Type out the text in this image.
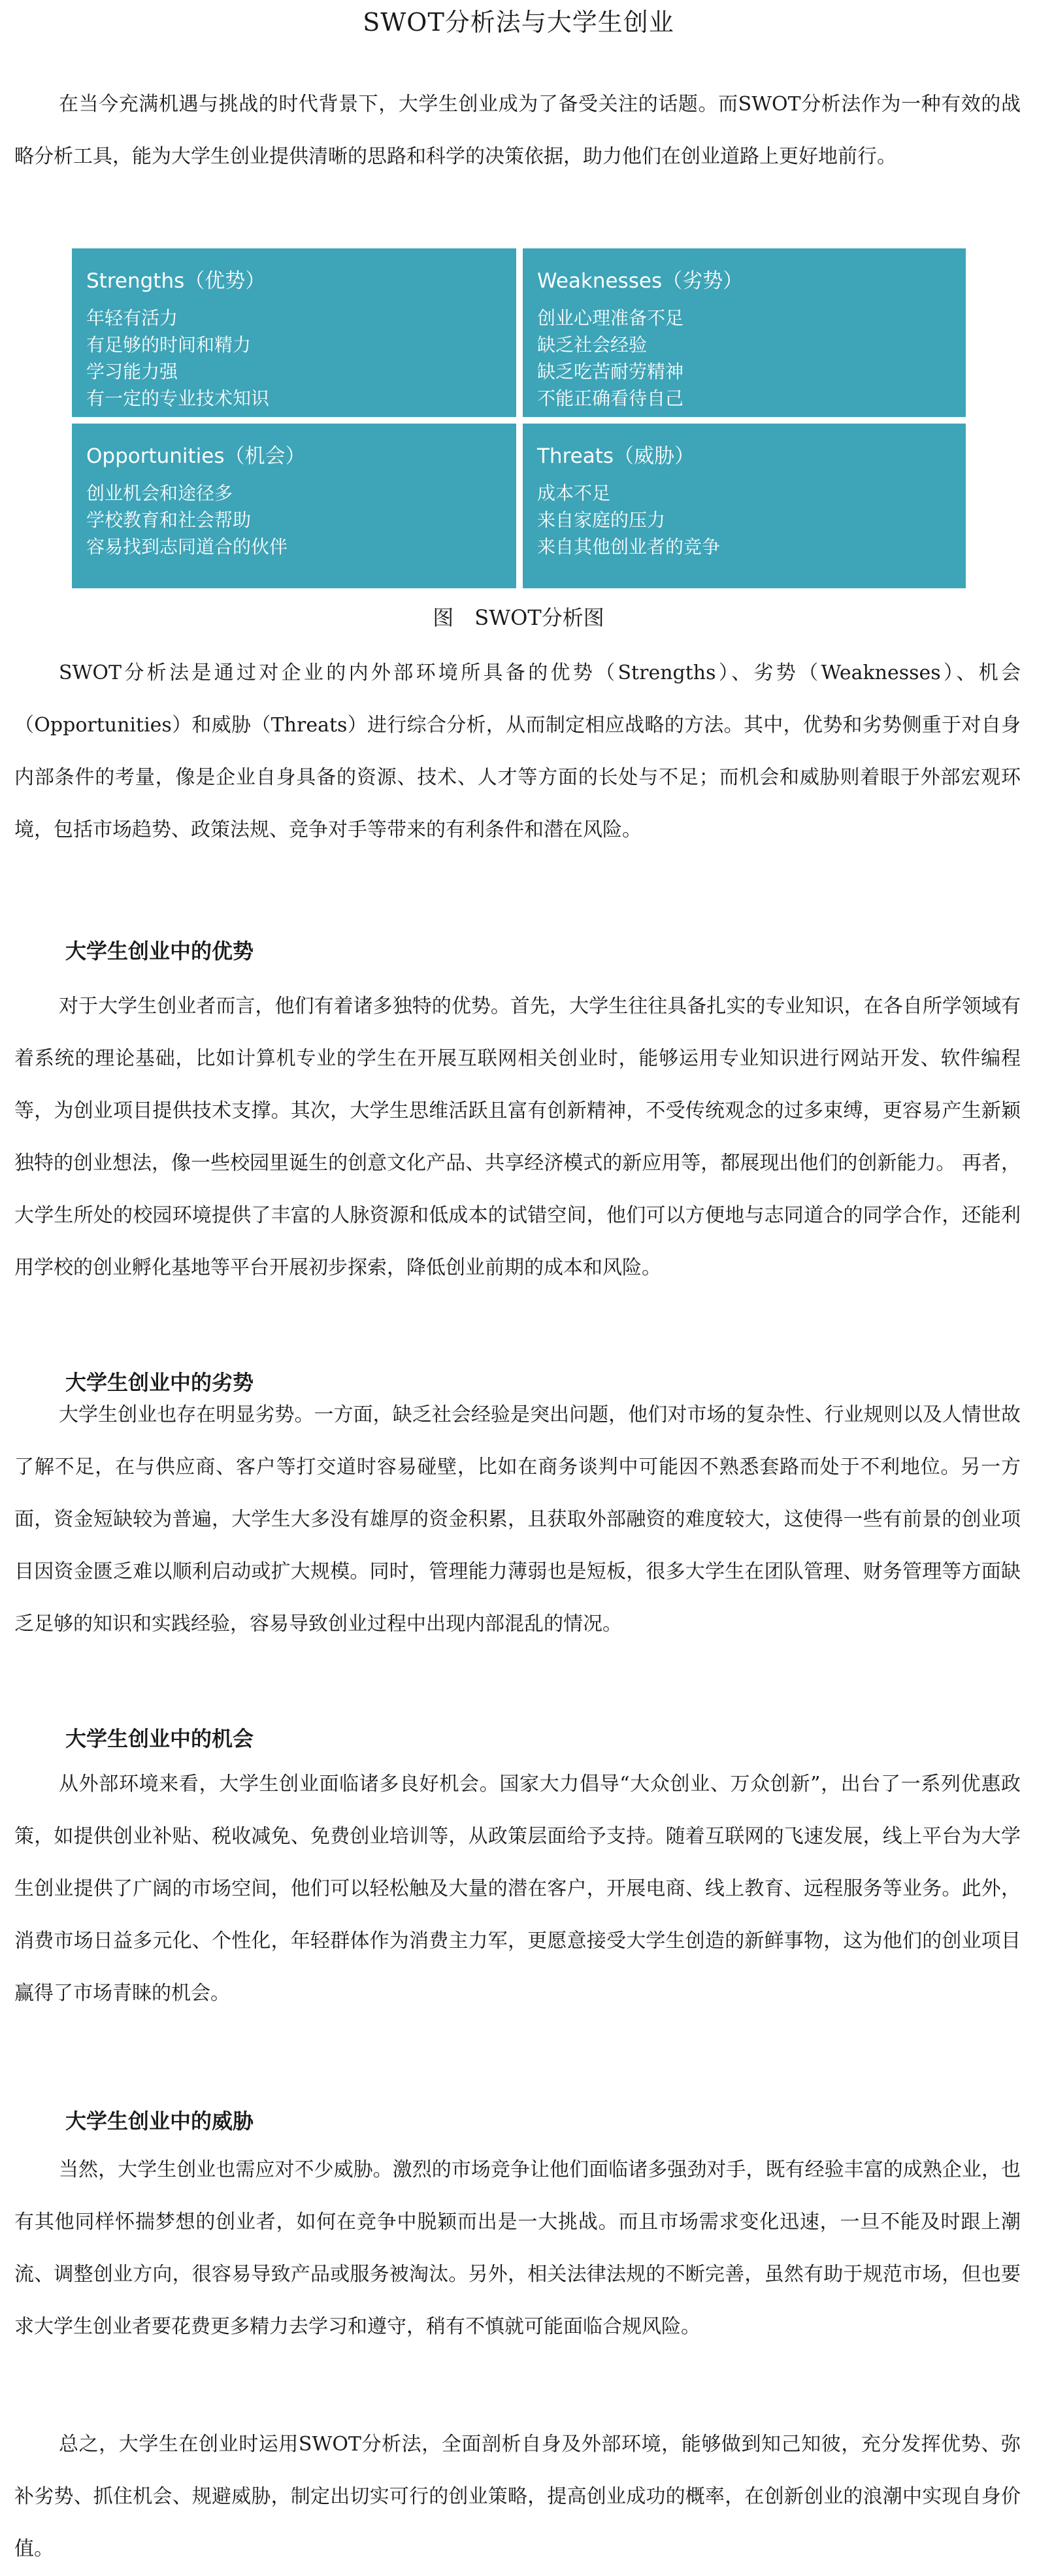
SWOT分析法与大学生创业

在当今充满机遇与挑战的时代背景下，大学生创业成为了备受关注的话题。而SWOT分析法作为一种有效的战略分析工具，能为大学生创业提供清晰的思路和科学的决策依据，助力他们在创业道路上更好地前行。

Strengths（优势）
年轻有活力
有足够的时间和精力
学习能力强
有一定的专业技术知识
Weaknesses（劣势）
创业心理准备不足
缺乏社会经验
缺乏吃苦耐劳精神
不能正确看待自己
Opportunities（机会）
创业机会和途径多
学校教育和社会帮助
容易找到志同道合的伙伴
Threats（威胁）
成本不足
来自家庭的压力
来自其他创业者的竞争
图　SWOT分析图

SWOT分析法是通过对企业的内外部环境所具备的优势（Strengths）、劣势（Weaknesses）、机会（Opportunities）和威胁（Threats）进行综合分析，从而制定相应战略的方法。其中，优势和劣势侧重于对自身内部条件的考量，像是企业自身具备的资源、技术、人才等方面的长处与不足；而机会和威胁则着眼于外部宏观环境，包括市场趋势、政策法规、竞争对手等带来的有利条件和潜在风险。

大学生创业中的优势

对于大学生创业者而言，他们有着诸多独特的优势。首先，大学生往往具备扎实的专业知识，在各自所学领域有着系统的理论基础，比如计算机专业的学生在开展互联网相关创业时，能够运用专业知识进行网站开发、软件编程等，为创业项目提供技术支撑。其次，大学生思维活跃且富有创新精神，不受传统观念的过多束缚，更容易产生新颖独特的创业想法，像一些校园里诞生的创意文化产品、共享经济模式的新应用等，都展现出他们的创新能力。 再者，大学生所处的校园环境提供了丰富的人脉资源和低成本的试错空间，他们可以方便地与志同道合的同学合作，还能利用学校的创业孵化基地等平台开展初步探索，降低创业前期的成本和风险。

大学生创业中的劣势

大学生创业也存在明显劣势。一方面，缺乏社会经验是突出问题，他们对市场的复杂性、行业规则以及人情世故了解不足，在与供应商、客户等打交道时容易碰壁，比如在商务谈判中可能因不熟悉套路而处于不利地位。另一方面，资金短缺较为普遍，大学生大多没有雄厚的资金积累，且获取外部融资的难度较大，这使得一些有前景的创业项目因资金匮乏难以顺利启动或扩大规模。同时，管理能力薄弱也是短板，很多大学生在团队管理、财务管理等方面缺乏足够的知识和实践经验，容易导致创业过程中出现内部混乱的情况。

大学生创业中的机会

从外部环境来看，大学生创业面临诸多良好机会。国家大力倡导“大众创业、万众创新”，出台了一系列优惠政策，如提供创业补贴、税收减免、免费创业培训等，从政策层面给予支持。随着互联网的飞速发展，线上平台为大学生创业提供了广阔的市场空间，他们可以轻松触及大量的潜在客户，开展电商、线上教育、远程服务等业务。此外，消费市场日益多元化、个性化，年轻群体作为消费主力军，更愿意接受大学生创造的新鲜事物，这为他们的创业项目赢得了市场青睐的机会。

大学生创业中的威胁

当然，大学生创业也需应对不少威胁。激烈的市场竞争让他们面临诸多强劲对手，既有经验丰富的成熟企业，也有其他同样怀揣梦想的创业者，如何在竞争中脱颖而出是一大挑战。而且市场需求变化迅速，一旦不能及时跟上潮流、调整创业方向，很容易导致产品或服务被淘汰。另外，相关法律法规的不断完善，虽然有助于规范市场，但也要求大学生创业者要花费更多精力去学习和遵守，稍有不慎就可能面临合规风险。

总之，大学生在创业时运用SWOT分析法，全面剖析自身及外部环境，能够做到知己知彼，充分发挥优势、弥补劣势、抓住机会、规避威胁，制定出切实可行的创业策略，提高创业成功的概率，在创新创业的浪潮中实现自身价值。
